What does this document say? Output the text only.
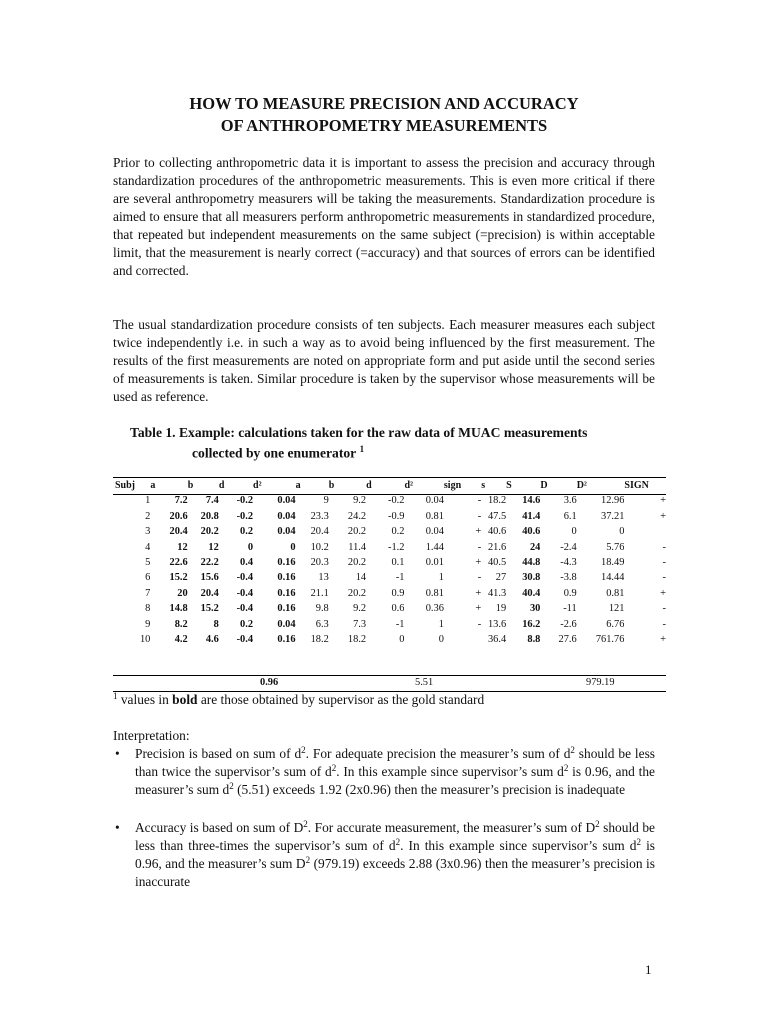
HOW TO MEASURE PRECISION AND ACCURACY
OF ANTHROPOMETRY MEASUREMENTS

Prior to collecting anthropometric data it is important to assess the precision and accuracy through standardization procedures of the anthropometric measurements. This is even more critical if there are several anthropometry measurers will be taking the measurements. Standardization procedure is aimed to ensure that all measurers perform anthropometric measurements in standardized procedure, that repeated but independent measurements on the same subject (=precision) is within acceptable limit, that the measurement is nearly correct (=accuracy) and that sources of errors can be identified and corrected.

The usual standardization procedure consists of ten subjects. Each measurer measures each subject twice independently i.e. in such a way as to avoid being influenced by the first measurement. The results of the first measurements are noted on appropriate form and put aside until the second series of measurements is taken. Similar procedure is taken by the supervisor whose measurements will be used as reference.

Table 1. Example: calculations taken for the raw data of MUAC measurements
collected by one enumerator $^1$

Subj	a	b	d	d²	a	b	d	d²	sign	s	S	D	D²	SIGN
1	7.2	7.4	-0.2	0.04	9	9.2	-0.2	0.04	-	18.2	14.6	3.6	12.96	+
2	20.6	20.8	-0.2	0.04	23.3	24.2	-0.9	0.81	-	47.5	41.4	6.1	37.21	+
3	20.4	20.2	0.2	0.04	20.4	20.2	0.2	0.04	+	40.6	40.6	0	0	
4	12	12	0	0	10.2	11.4	-1.2	1.44	-	21.6	24	-2.4	5.76	-
5	22.6	22.2	0.4	0.16	20.3	20.2	0.1	0.01	+	40.5	44.8	-4.3	18.49	-
6	15.2	15.6	-0.4	0.16	13	14	-1	1	-	27	30.8	-3.8	14.44	-
7	20	20.4	-0.4	0.16	21.1	20.2	0.9	0.81	+	41.3	40.4	0.9	0.81	+
8	14.8	15.2	-0.4	0.16	9.8	9.2	0.6	0.36	+	19	30	-11	121	-
9	8.2	8	0.2	0.04	6.3	7.3	-1	1	-	13.6	16.2	-2.6	6.76	-
10	4.2	4.6	-0.4	0.16	18.2	18.2	0	0		36.4	8.8	27.6	761.76	+
0.96	5.51	979.19
$^1$ values in bold are those obtained by supervisor as the gold standard
Interpretation:
• Precision is based on sum of $d^2$. For adequate precision the measurer’s sum of $d^2$ should be less than twice the supervisor’s sum of $d^2$. In this example since supervisor’s sum $d^2$ is 0.96, and the measurer’s sum $d^2$ (5.51) exceeds 1.92 (2x0.96) then the measurer’s precision is inadequate
• Accuracy is based on sum of $D^2$. For accurate measurement, the measurer’s sum of $D^2$ should be less than three-times the supervisor’s sum of $d^2$. In this example since supervisor’s sum $d^2$ is 0.96, and the measurer’s sum $D^2$ (979.19) exceeds 2.88 (3x0.96) then the measurer’s precision is inaccurate
1
